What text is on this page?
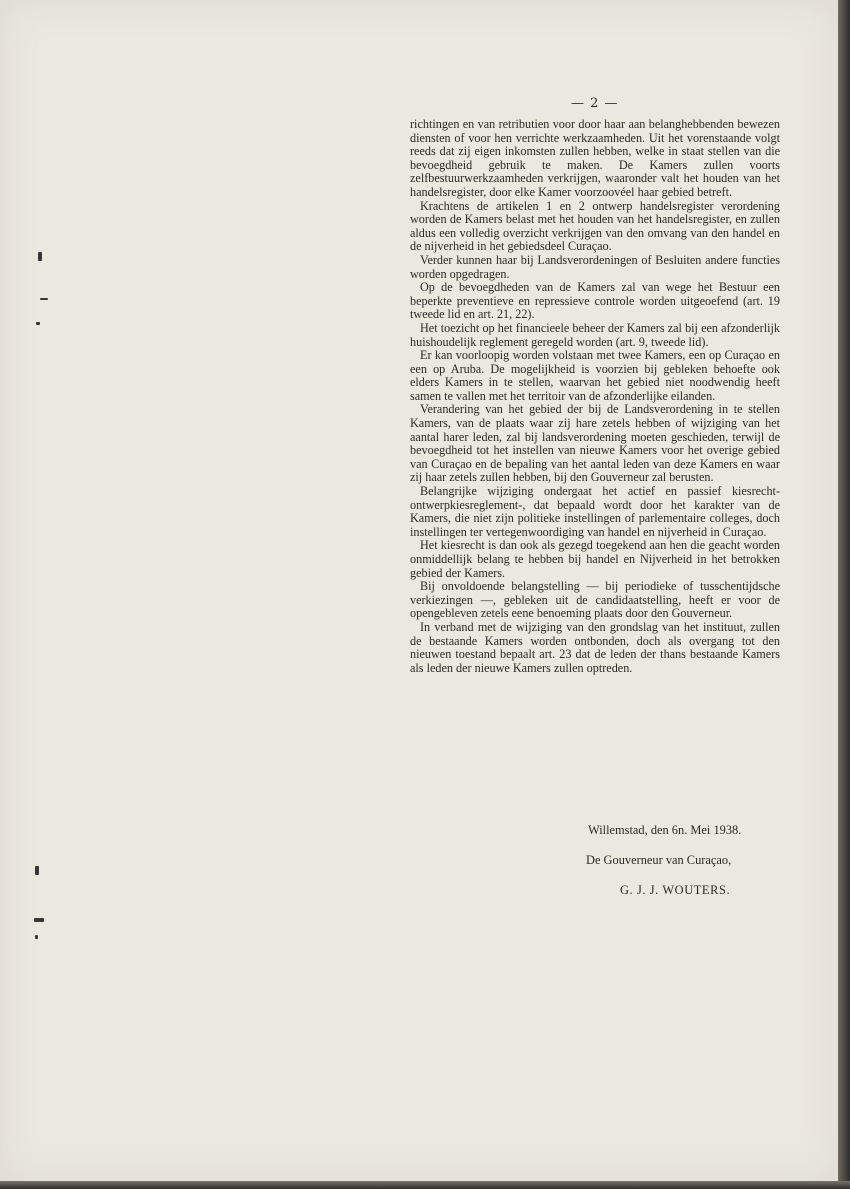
— 2 —

richtingen en van retributien voor door haar aan belanghebbenden bewezen diensten of voor hen verrichte werkzaamheden. Uit het vorenstaande volgt reeds dat zij eigen inkomsten zullen hebben, welke in staat stellen van die bevoegdheid gebruik te maken. De Kamers zullen voorts zelfbestuurwerkzaamheden verkrijgen, waaronder valt het houden van het handelsregister, door elke Kamer voorzoovéel haar gebied betreft.

Krachtens de artikelen 1 en 2 ontwerp handelsregister verordening worden de Kamers belast met het houden van het handelsregister, en zullen aldus een volledig overzicht verkrijgen van den omvang van den handel en de nijverheid in het gebiedsdeel Curaçao.

Verder kunnen haar bij Landsverordeningen of Besluiten andere functies worden opgedragen.

Op de bevoegdheden van de Kamers zal van wege het Bestuur een beperkte preventieve en repressieve controle worden uitgeoefend (art. 19 tweede lid en art. 21, 22).

Het toezicht op het financieele beheer der Kamers zal bij een afzonderlijk huishoudelijk reglement geregeld worden (art. 9, tweede lid).

Er kan voorloopig worden volstaan met twee Kamers, een op Curaçao en een op Aruba. De mogelijkheid is voorzien bij gebleken behoefte ook elders Kamers in te stellen, waarvan het gebied niet noodwendig heeft samen te vallen met het territoir van de afzonderlijke eilanden.

Verandering van het gebied der bij de Landsverordening in te stellen Kamers, van de plaats waar zij hare zetels hebben of wijziging van het aantal harer leden, zal bij landsverordening moeten geschieden, terwijl de bevoegdheid tot het instellen van nieuwe Kamers voor het overige gebied van Curaçao en de bepaling van het aantal leden van deze Kamers en waar zij haar zetels zullen hebben, bij den Gouverneur zal berusten.

Belangrijke wijziging ondergaat het actief en passief kiesrecht-ontwerpkiesreglement-, dat bepaald wordt door het karakter van de Kamers, die niet zijn politieke instellingen of parlementaire colleges, doch instellingen ter vertegenwoordiging van handel en nijverheid in Curaçao.

Het kiesrecht is dan ook als gezegd toegekend aan hen die geacht worden onmiddellijk belang te hebben bij handel en Nijverheid in het betrokken gebied der Kamers.

Bij onvoldoende belangstelling — bij periodieke of tusschentijdsche verkiezingen —, gebleken uit de candidaatstelling, heeft er voor de opengebleven zetels eene benoeming plaats door den Gouverneur.

In verband met de wijziging van den grondslag van het instituut, zullen de bestaande Kamers worden ontbonden, doch als overgang tot den nieuwen toestand bepaalt art. 23 dat de leden der thans bestaande Kamers als leden der nieuwe Kamers zullen optreden.

Willemstad, den 6n. Mei 1938.
De Gouverneur van Curaçao,
G. J. J. WOUTERS.
